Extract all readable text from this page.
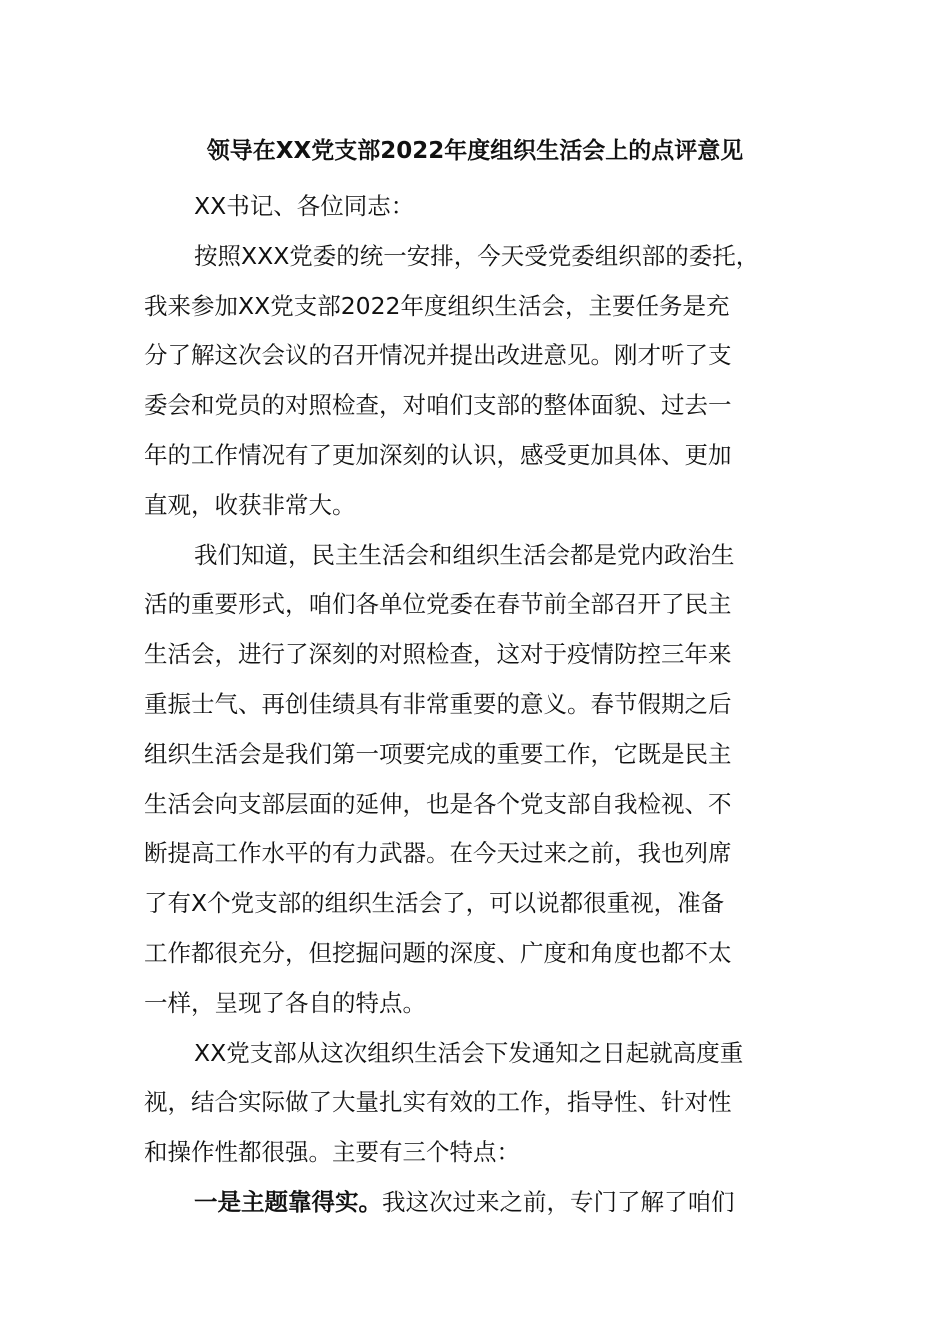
领导在XX党支部2022年度组织生活会上的点评意见

XX书记、各位同志：

按照XXX党委的统一安排，今天受党委组织部的委托，
我来参加XX党支部2022年度组织生活会，主要任务是充
分了解这次会议的召开情况并提出改进意见。刚才听了支
委会和党员的对照检查，对咱们支部的整体面貌、过去一
年的工作情况有了更加深刻的认识，感受更加具体、更加
直观，收获非常大。

我们知道，民主生活会和组织生活会都是党内政治生
活的重要形式，咱们各单位党委在春节前全部召开了民主
生活会，进行了深刻的对照检查，这对于疫情防控三年来
重振士气、再创佳绩具有非常重要的意义。春节假期之后
组织生活会是我们第一项要完成的重要工作，它既是民主
生活会向支部层面的延伸，也是各个党支部自我检视、不
断提高工作水平的有力武器。在今天过来之前，我也列席
了有X个党支部的组织生活会了，可以说都很重视，准备
工作都很充分，但挖掘问题的深度、广度和角度也都不太
一样，呈现了各自的特点。

XX党支部从这次组织生活会下发通知之日起就高度重
视，结合实际做了大量扎实有效的工作，指导性、针对性
和操作性都很强。主要有三个特点：

一是主题靠得实。我这次过来之前，专门了解了咱们
